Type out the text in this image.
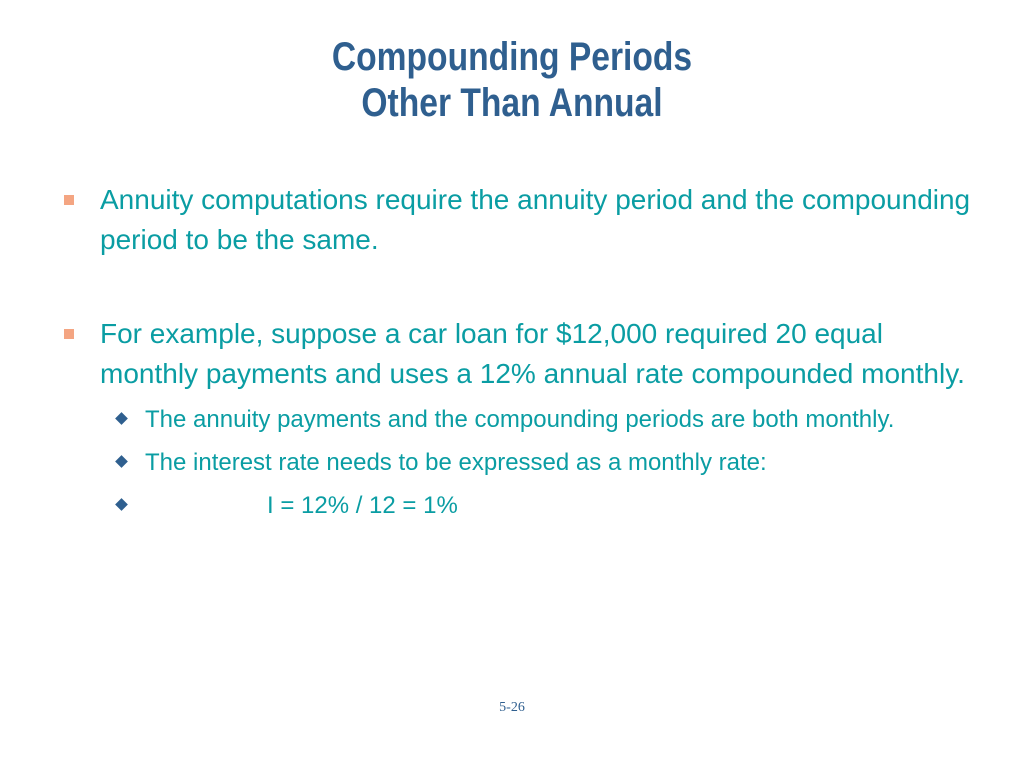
Compounding Periods
Other Than Annual
Annuity computations require the annuity period and the compounding period to be the same.
For example, suppose a car loan for $12,000 required 20 equal monthly payments and uses a 12% annual rate compounded monthly.
The annuity payments and the compounding periods are both monthly.
The interest rate needs to be expressed as a monthly rate:
I = 12% / 12 = 1%
5-26
